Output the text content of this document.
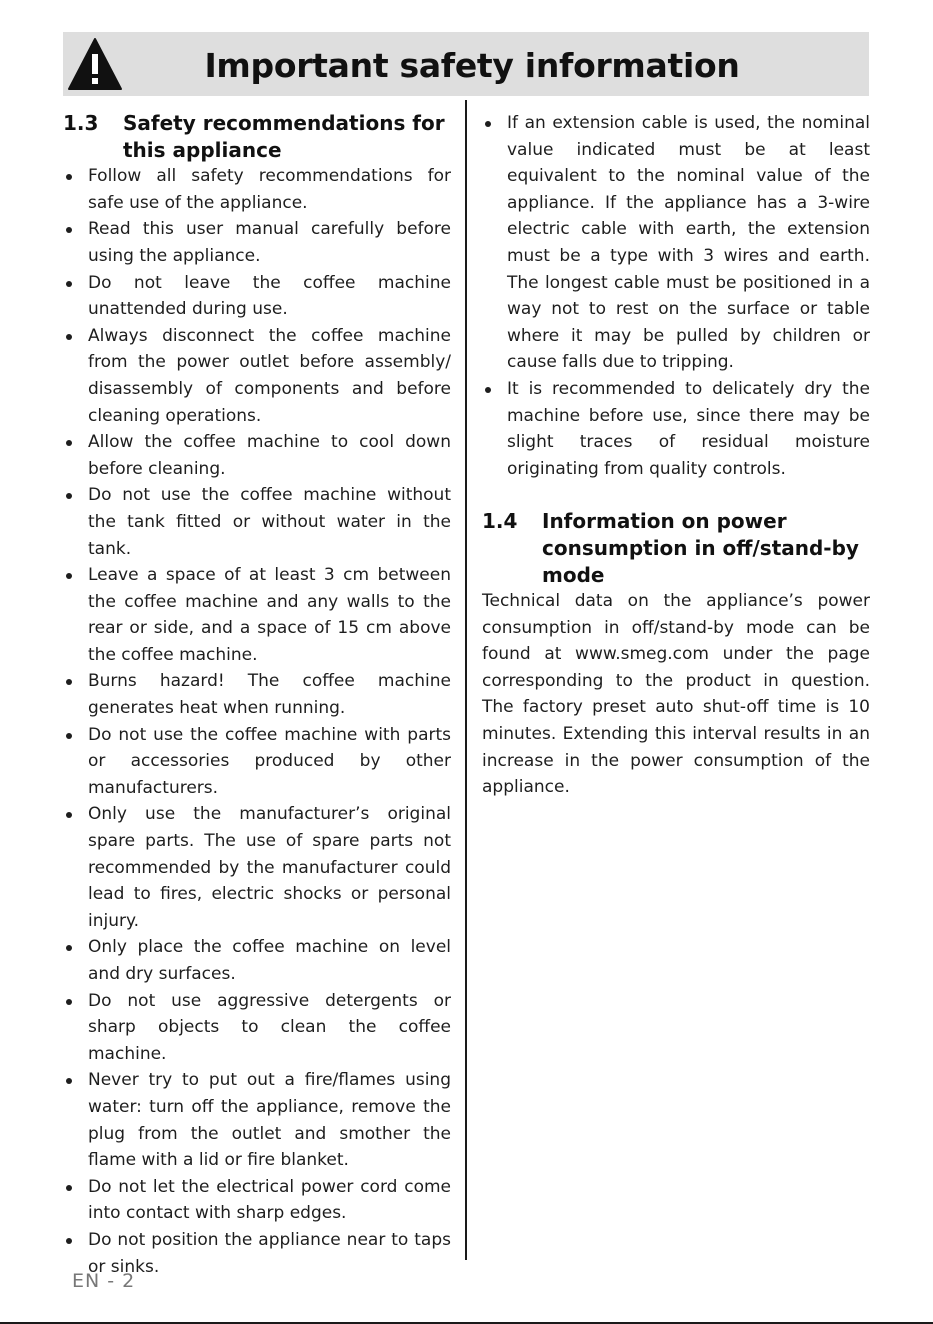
Important safety information
1.3 Safety recommendations for this appliance
Follow all safety recommendations for safe use of the appliance.
Read this user manual carefully before using the appliance.
Do not leave the coffee machine unattended during use.
Always disconnect the coffee machine from the power outlet before assembly/ disassembly of components and before cleaning operations.
Allow the coffee machine to cool down before cleaning.
Do not use the coffee machine without the tank fitted or without water in the tank.
Leave a space of at least 3 cm between the coffee machine and any walls to the rear or side, and a space of 15 cm above the coffee machine.
Burns hazard! The coffee machine generates heat when running.
Do not use the coffee machine with parts or accessories produced by other manufacturers.
Only use the manufacturer’s original spare parts. The use of spare parts not recommended by the manufacturer could lead to fires, electric shocks or personal injury.
Only place the coffee machine on level and dry surfaces.
Do not use aggressive detergents or sharp objects to clean the coffee machine.
Never try to put out a fire/flames using water: turn off the appliance, remove the plug from the outlet and smother the flame with a lid or fire blanket.
Do not let the electrical power cord come into contact with sharp edges.
Do not position the appliance near to taps or sinks.
If an extension cable is used, the nominal value indicated must be at least equivalent to the nominal value of the appliance. If the appliance has a 3-wire electric cable with earth, the extension must be a type with 3 wires and earth. The longest cable must be positioned in a way not to rest on the surface or table where it may be pulled by children or cause falls due to tripping.
It is recommended to delicately dry the machine before use, since there may be slight traces of residual moisture originating from quality controls.
1.4 Information on power consumption in off/stand-by mode

Technical data on the appliance’s power consumption in off/stand-by mode can be found at www.smeg.com under the page corresponding to the product in question. The factory preset auto shut-off time is 10 minutes. Extending this interval results in an increase in the power consumption of the appliance.

EN - 2
